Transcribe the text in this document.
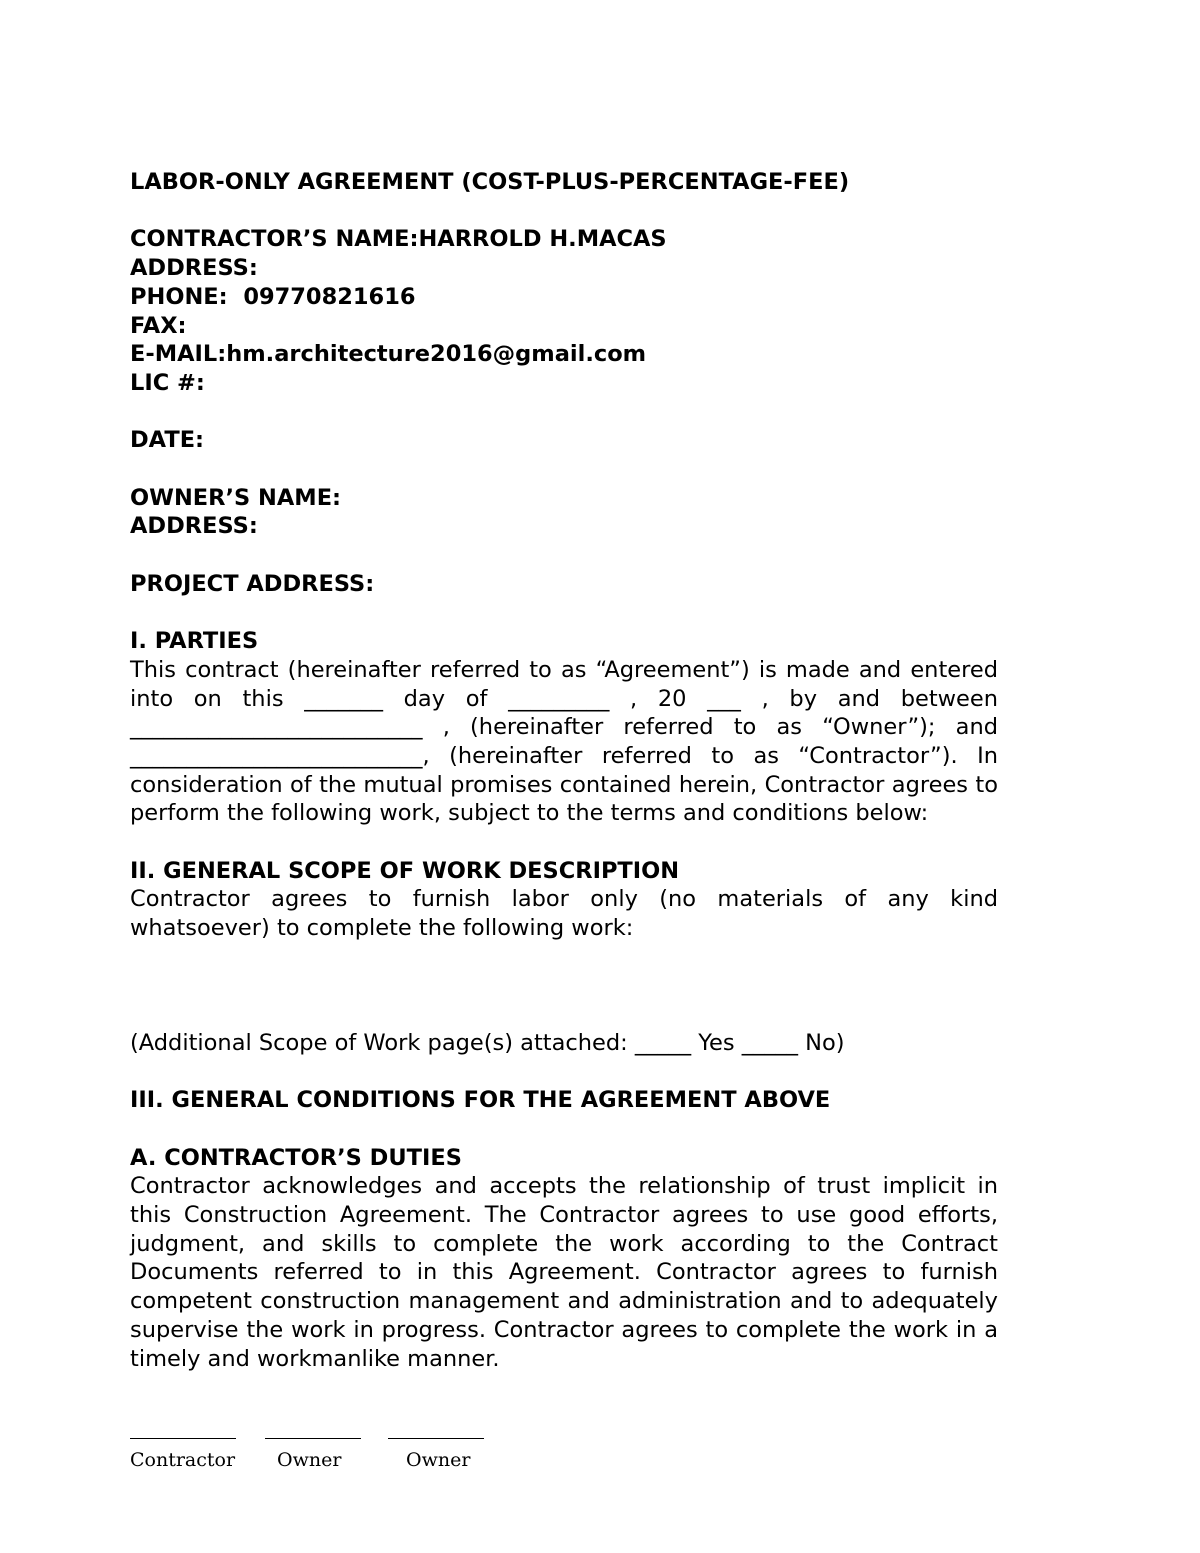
LABOR-ONLY AGREEMENT (COST-PLUS-PERCENTAGE-FEE)
CONTRACTOR’S NAME:HARROLD H.MACAS
ADDRESS:
PHONE:  09770821616
FAX:
E-MAIL:hm.architecture2016@gmail.com
LIC #:
DATE:
OWNER’S NAME:
ADDRESS:
PROJECT ADDRESS:
I. PARTIES
This contract (hereinafter referred to as “Agreement”) is made and entered into on this _______ day of _________ , 20 ___ , by and between __________________________ , (hereinafter referred to as “Owner”); and __________________________, (hereinafter referred to as “Contractor”). In consideration of the mutual promises contained herein, Contractor agrees to perform the following work, subject to the terms and conditions below:
II. GENERAL SCOPE OF WORK DESCRIPTION
Contractor agrees to furnish labor only (no materials of any kind whatsoever) to complete the following work:
(Additional Scope of Work page(s) attached: _____ Yes _____ No)
III. GENERAL CONDITIONS FOR THE AGREEMENT ABOVE
A. CONTRACTOR’S DUTIES
Contractor acknowledges and accepts the relationship of trust implicit in this Construction Agreement. The Contractor agrees to use good efforts, judgment, and skills to complete the work according to the Contract Documents referred to in this Agreement. Contractor agrees to furnish competent construction management and administration and to adequately supervise the work in progress. Contractor agrees to complete the work in a timely and workmanlike manner.
Contractor	Owner	Owner
